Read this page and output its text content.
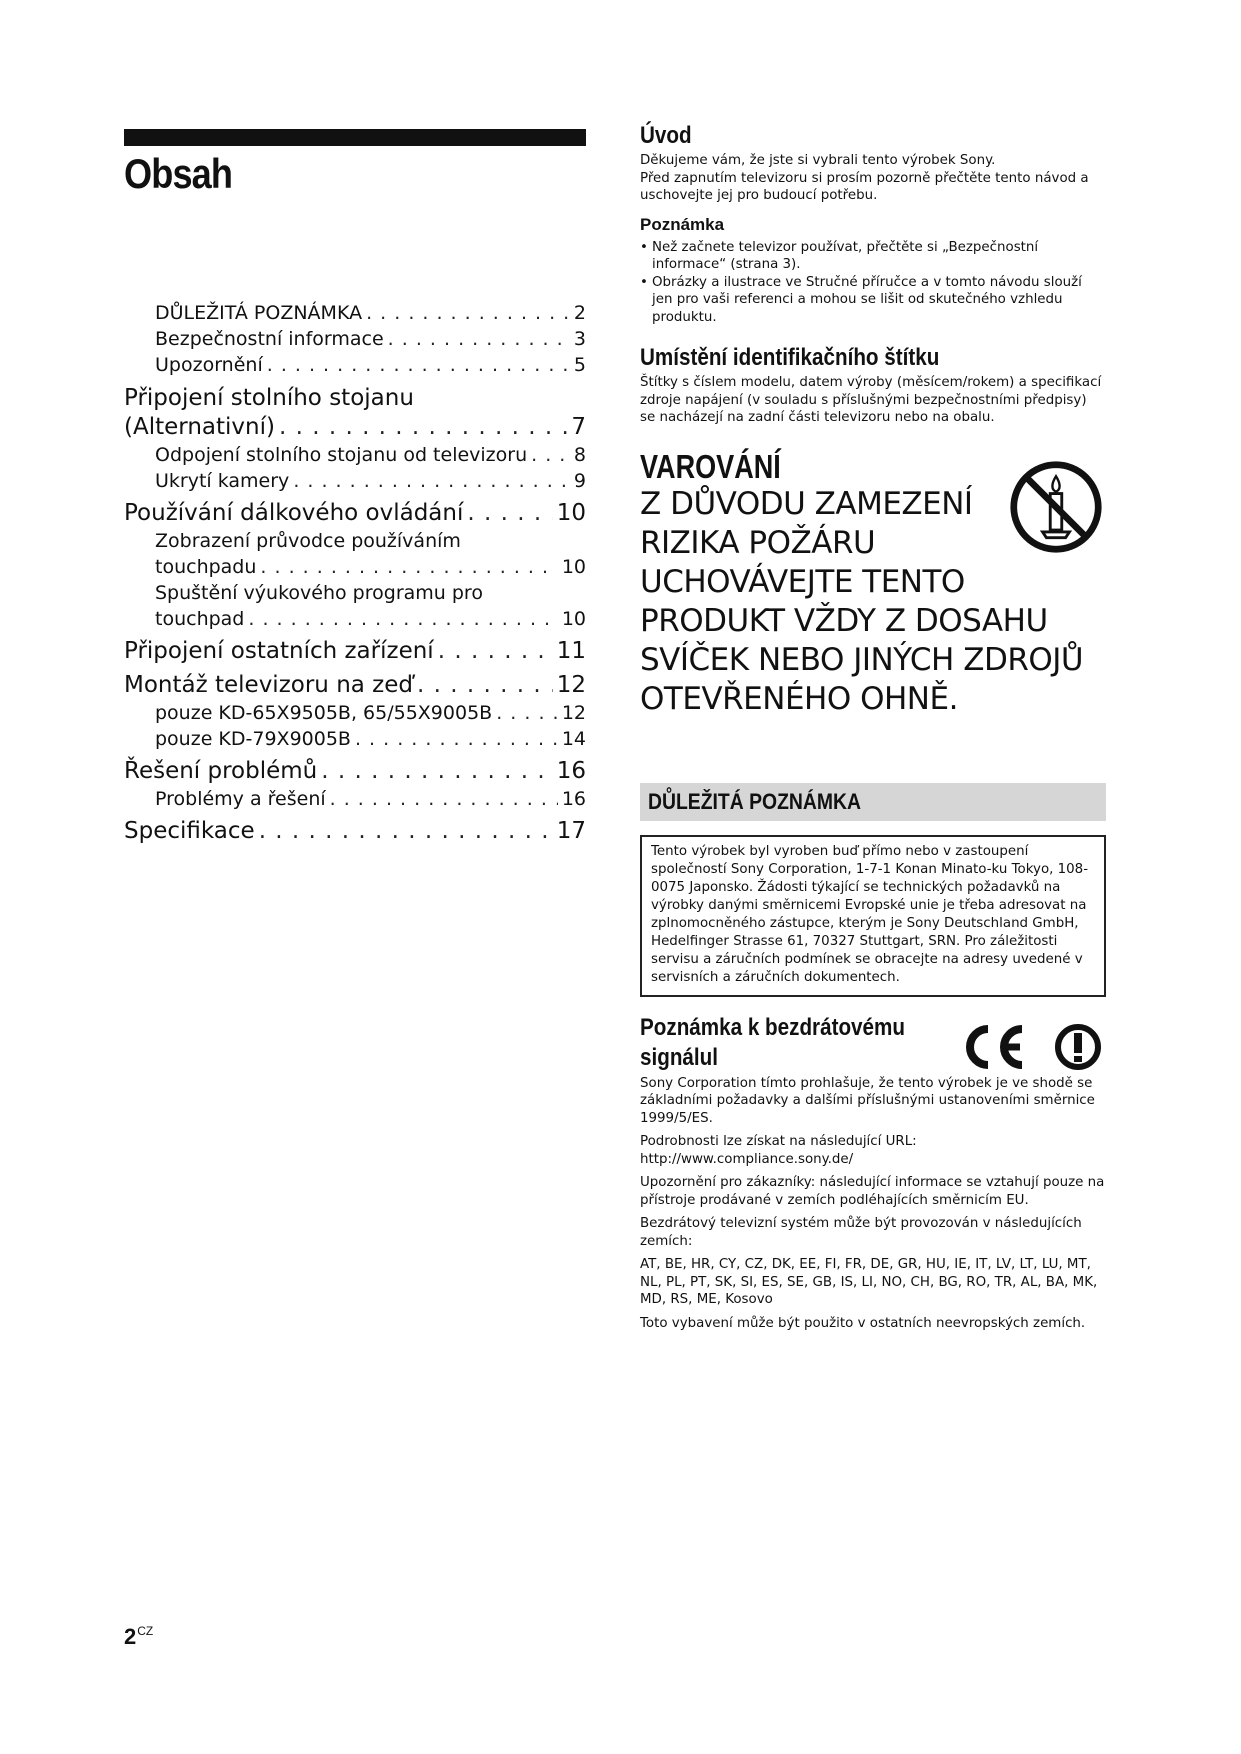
Obsah
DŮLEŽITÁ POZNÁMKA . . .	2
Bezpečnostní informace . . .	3
Upozornění . . .	5
Připojení stolního stojanu
(Alternativní) . . .	7
Odpojení stolního stojanu od televizoru . . . 8
Ukrytí kamery . . .	9
Používání dálkového ovládání . . .	10
Zobrazení průvodce používáním
touchpadu . . .	10
Spuštění výukového programu pro
touchpad . . .	10
Připojení ostatních zařízení . . .	11
Montáž televizoru na zeď . . .	12
pouze KD-65X9505B, 65/55X9005B . . .	12
pouze KD-79X9005B . . .	14
Řešení problémů . . .	16
Problémy a řešení . . .	16
Specifikace . . .	17
Úvod

Děkujeme vám, že jste si vybrali tento výrobek Sony.

Před zapnutím televizoru si prosím pozorně přečtěte tento návod a uschovejte jej pro budoucí potřebu.

Poznámka

• Než začnete televizor používat, přečtěte si „Bezpečnostní informace“ (strana 3).

• Obrázky a ilustrace ve Stručné příručce a v tomto návodu slouží jen pro vaši referenci a mohou se lišit od skutečného vzhledu produktu.

Umístění identifikačního štítku

Štítky s číslem modelu, datem výroby (měsícem/rokem) a specifikací zdroje napájení (v souladu s příslušnými bezpečnostními předpisy) se nacházejí na zadní části televizoru nebo na obalu.

VAROVÁNÍ
Z DŮVODU ZAMEZENÍ
RIZIKA POŽÁRU
UCHOVÁVEJTE TENTO
PRODUKT VŽDY Z DOSAHU
SVÍČEK NEBO JINÝCH ZDROJŮ
OTEVŘENÉHO OHNĚ.
DŮLEŽITÁ POZNÁMKA
Tento výrobek byl vyroben buď přímo nebo v zastoupení společností Sony Corporation, 1-7-1 Konan Minato-ku Tokyo, 108-0075 Japonsko. Žádosti týkající se technických požadavků na výrobky danými směrnicemi Evropské unie je třeba adresovat na zplnomocněného zástupce, kterým je Sony Deutschland GmbH, Hedelfinger Strasse 61, 70327 Stuttgart, SRN. Pro záležitosti servisu a záručních podmínek se obracejte na adresy uvedené v servisních a záručních dokumentech.
Poznámka k bezdrátovému
signálul

Sony Corporation tímto prohlašuje, že tento výrobek je ve shodě se základními požadavky a dalšími příslušnými ustanoveními směrnice 1999/5/ES.

Podrobnosti lze získat na následující URL: http://www.compliance.sony.de/

Upozornění pro zákazníky: následující informace se vztahují pouze na přístroje prodávané v zemích podléhajících směrnicím EU.

Bezdrátový televizní systém může být provozován v následujících zemích:

AT, BE, HR, CY, CZ, DK, EE, FI, FR, DE, GR, HU, IE, IT, LV, LT, LU, MT, NL, PL, PT, SK, SI, ES, SE, GB, IS, LI, NO, CH, BG, RO, TR, AL, BA, MK, MD, RS, ME, Kosovo

Toto vybavení může být použito v ostatních neevropských zemích.

$2^{CZ}$
